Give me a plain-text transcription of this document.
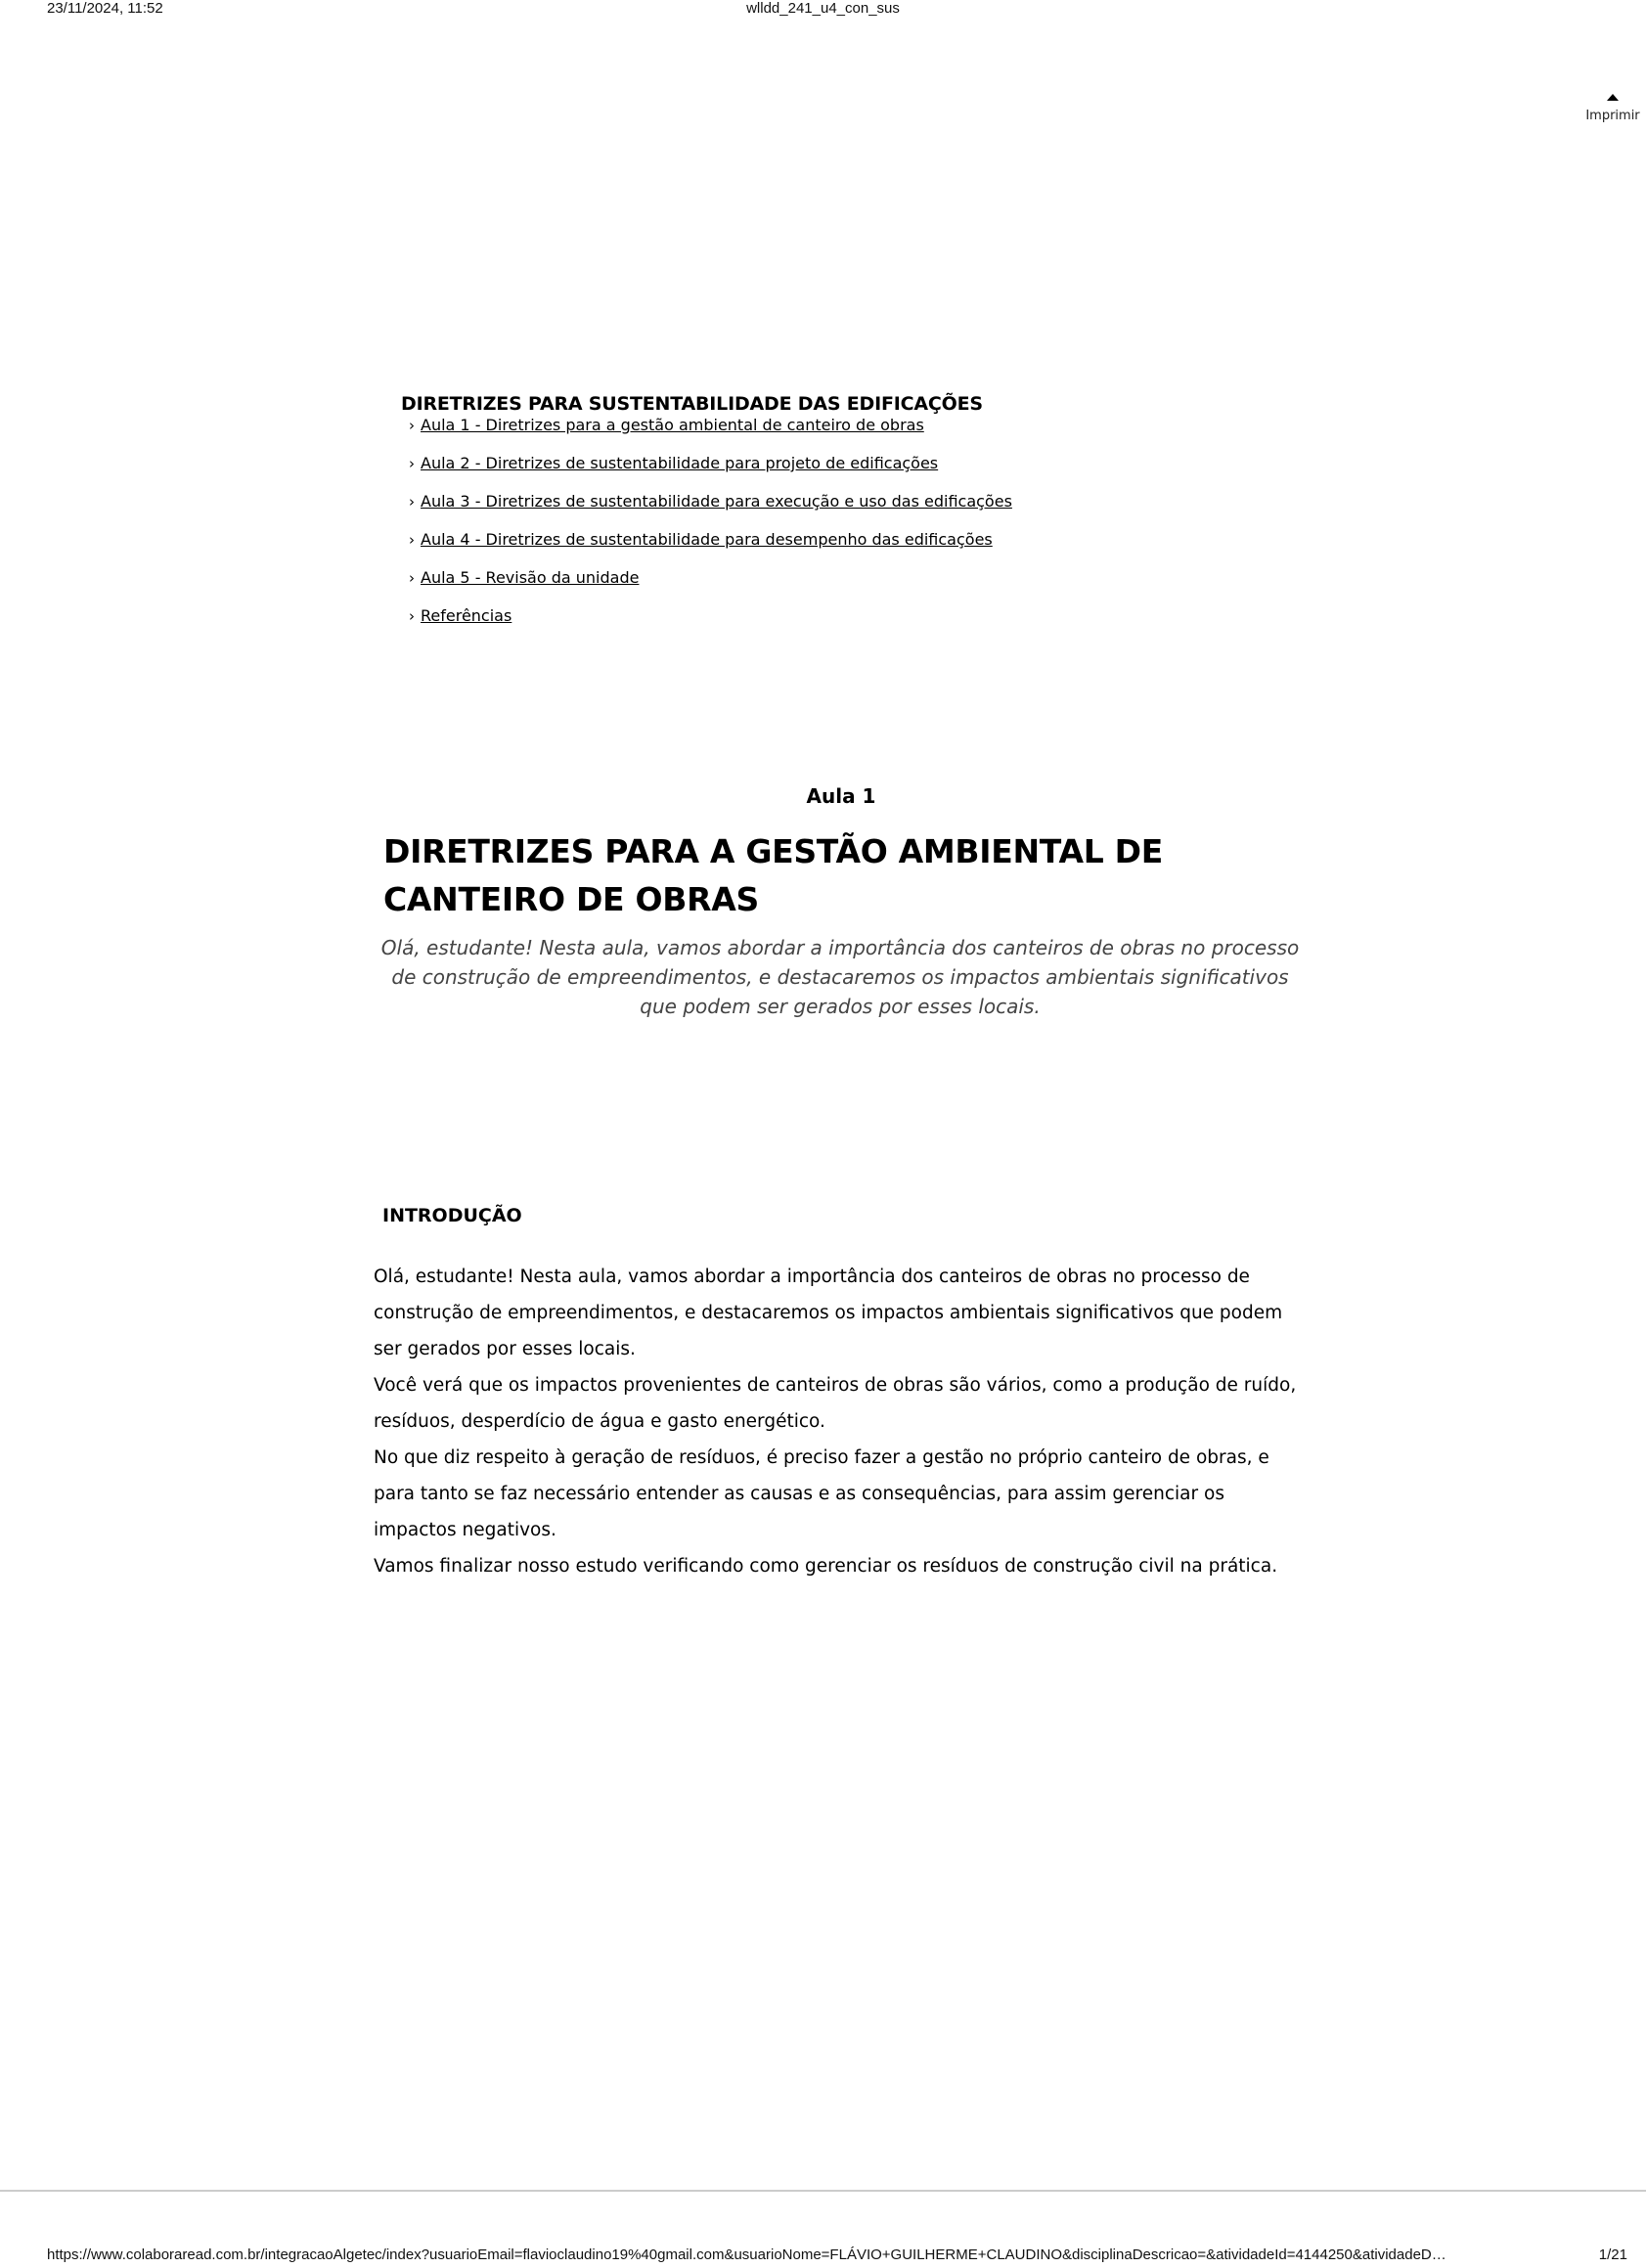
23/11/2024, 11:52	wlldd_241_u4_con_sus
Imprimir
DIRETRIZES PARA SUSTENTABILIDADE DAS EDIFICAÇÕES
› Aula 1 - Diretrizes para a gestão ambiental de canteiro de obras
› Aula 2 - Diretrizes de sustentabilidade para projeto de edificações
› Aula 3 - Diretrizes de sustentabilidade para execução e uso das edificações
› Aula 4 - Diretrizes de sustentabilidade para desempenho das edificações
› Aula 5 - Revisão da unidade
› Referências
Aula 1
DIRETRIZES PARA A GESTÃO AMBIENTAL DE CANTEIRO DE OBRAS

Olá, estudante! Nesta aula, vamos abordar a importância dos canteiros de obras no processo de construção de empreendimentos, e destacaremos os impactos ambientais significativos que podem ser gerados por esses locais.

INTRODUÇÃO

Olá, estudante! Nesta aula, vamos abordar a importância dos canteiros de obras no processo de construção de empreendimentos, e destacaremos os impactos ambientais significativos que podem ser gerados por esses locais.

Você verá que os impactos provenientes de canteiros de obras são vários, como a produção de ruído, resíduos, desperdício de água e gasto energético.

No que diz respeito à geração de resíduos, é preciso fazer a gestão no próprio canteiro de obras, e para tanto se faz necessário entender as causas e as consequências, para assim gerenciar os impactos negativos.

Vamos finalizar nosso estudo verificando como gerenciar os resíduos de construção civil na prática.

https://www.colaboraread.com.br/integracaoAlgetec/index?usuarioEmail=flavioclaudino19%40gmail.com&usuarioNome=FLÁVIO+GUILHERME+CLAUDINO&disciplinaDescricao=&atividadeId=4144250&atividadeD…	1/21
